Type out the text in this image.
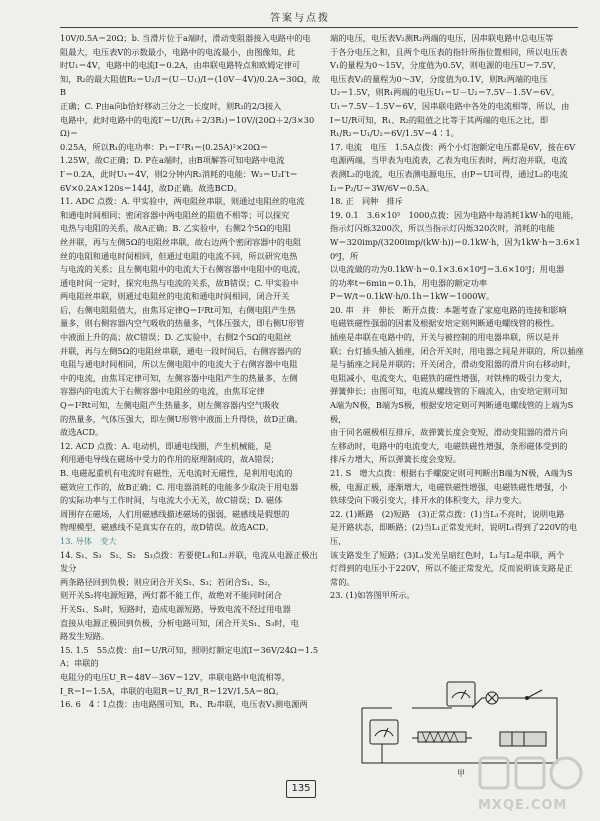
答案与点拨

10V/0.5A＝20Ω；b. 当滑片位于a端时，滑动变阻器接入电路中的电

阻最大，电压表V的示数最小，电路中的电流最小，由图像知，此

时U₁＝4V，电路中的电流I＝0.2A，由串联电路特点和欧姆定律可

知，R₂的最大阻值R₂＝U₂/I＝(U－U₁)/I＝(10V－4V)/0.2A＝30Ω，故B

正确；C. P由a向b恰好移动三分之一长度时，则R₂的2/3接入

电路中，此时电路中的电流I′＝U/(R₁＋2/3R₂)＝10V/(20Ω＋2/3×30Ω)＝

0.25A，所以R₁的电功率：P₁＝I′²R₁＝(0.25A)²×20Ω＝

1.25W，故C正确；D. P在a端时，由B项解答可知电路中电流

I′＝0.2A，此时U₁＝4V，则2分钟内R₂消耗的电能：W₂＝U₂I′t＝

6V×0.2A×120s＝144J，故D正确。故选BCD。

11. ADC 点拨：A. 甲实验中，两电阻丝串联，则通过电阻丝的电流

和通电时间相同；密闭容器中两电阻丝的阻值不相等；可以探究

电热与电阻的关系，故A正确；B. 乙实验中，右侧2个5Ω的电阻

丝并联，再与左侧5Ω的电阻丝串联，故右边两个密闭容器中的电阻

丝的电阻和通电时间相同，但通过电阻的电流不同，所以研究电热

与电流的关系；且左侧电阻中的电流大于右侧容器中电阻中的电流，

通电时间一定时，探究电热与电流的关系，故B错误；C. 甲实验中

两电阻丝串联，则通过电阻丝的电流和通电时间相同，闭合开关

后，右侧电阻阻值大，由焦耳定律Q＝I²Rt可知，右侧电阻产生热

量多，则右侧容器内空气吸收的热量多，气体压强大，即右侧U形管

中液面上升的高；故C错误；D. 乙实验中，右侧2个5Ω的电阻丝

并联，再与左侧5Ω的电阻丝串联，通电一段时间后，右侧容器内的

电阻与通电时间相同，所以左侧电阻中的电流大于右侧容器中电阻

中的电流，由焦耳定律可知，左侧容器中电阻产生的热量多，左侧

容器内的电流大于右侧容器中电阻丝的电流，由焦耳定律

Q＝I²Rt可知，左侧电阻产生热量多，则左侧容器内空气吸收

的热量多，气体压强大，即左侧U形管中液面上升得快，故D正确。

故选ACD。

12. ACD 点拨：A. 电动机，即通电线圈，产生机械能，是

利用通电导线在磁场中受力的作用的原理制成的，故A错误；

B. 电磁起重机有电流时有磁性，无电流时无磁性，是利用电流的

磁效应工作的，故B正确；C. 用电器消耗的电能多少取决于用电器

的实际功率与工作时间，与电流大小无关，故C错误；D. 磁体

周围存在磁场，人们用磁感线描述磁场的强弱，磁感线是假想的

物理模型，磁感线不是真实存在的，故D错误。故选ACD。

13. 导体　变大

14. S₁、S₃　S₁、S₂　S₃点拨：若要使L₁和L₂并联，电流从电源正极出发分

两条路径回到负极；则应闭合开关S₁、S₃；若闭合S₁、S₂，

则开关S₂将电源短路，两灯都不能工作，故绝对不能同时闭合

开关S₁、S₃时，短路时，造成电源短路，导致电流不经过用电器

直接从电源正极回到负极，分析电路可知，闭合开关S₁、S₃时，电

路发生短路。

15. 1.5　55点拨：由I＝U/R可知，照明灯额定电流I＝36V/24Ω＝1.5A；串联的

电阻分的电压U_R＝48V－36V＝12V，串联电路中电流相等，

I_R＝I＝1.5A，串联的电阻R＝U_R/I_R＝12V/1.5A＝8Ω。

16. 6　4∶1点拨：由电路图可知，R₁、R₂串联，电压表V₁测电源两

端的电压，电压表V₂测R₂两端的电压，因串联电路中总电压等

于各分电压之和，且两个电压表的指针所指位置相同，所以电压表

V₁的量程为0～15V，分度值为0.5V，则电源的电压U＝7.5V，

电压表V₂的量程为0～3V，分度值为0.1V，则R₂两端的电压

U₂＝1.5V，则R₁两端的电压U₁＝U－U₂＝7.5V－1.5V＝6V。

U₁＝7.5V－1.5V＝6V，因串联电路中各处的电流相等，所以，由

I＝U/R可知，R₁、R₂的阻值之比等于其两端的电压之比，即

R₁/R₂＝U₁/U₂＝6V/1.5V＝4∶1。

17. 电流　电压　1.5A点拨：两个小灯泡额定电压都是6V，接在6V

电源两端，当甲表为电流表，乙表为电压表时，两灯泡并联，电流

表测L₂的电流，电压表测电源电压，由P＝UI可得，通过L₂的电流

I₂＝P₂/U＝3W/6V＝0.5A。

18. 正　同种　排斥

19. 0.1　3.6×10⁵　1000点拨：因为电路中每消耗1kW·h的电能，

指示灯闪烁3200次，所以当指示灯闪烁320次时，消耗的电能

W＝320imp/(3200imp/(kW·h))＝0.1kW·h，因为1kW·h＝3.6×10⁶J，所

以电流做的功为0.1kW·h＝0.1×3.6×10⁶J＝3.6×10⁵J；用电器

的功率t＝6min＝0.1h，用电器的额定功率

P＝W/t＝0.1kW·h/0.1h＝1kW＝1000W。

20. 串　并　伸长　断开点拨：本题考查了家庭电路的连接和影响

电磁铁磁性强弱的因素及根据安培定则判断通电螺线管的极性。

插座是串联在电路中的，开关与被控制的用电器串联，所以是并

联；台灯插头插入插座，闭合开关时，用电器之间是并联的，所以插座

是与插座之间是并联的；开关闭合，滑动变阻器的滑片向右移动时，

电阻减小，电流变大，电磁铁的磁性增强，对铁棒的吸引力变大，

弹簧伸长；由图可知，电流从螺线管的下端流入，由安培定则可知

A端为N极，B端为S极，根据安培定则可判断通电螺线管的上端为S极，

由于同名磁极相互排斥，故弹簧长度会变短，滑动变阻器的滑片向

左移动时，电路中的电流变大，电磁铁磁性增强，条形磁体受到的

排斥力增大，所以弹簧长度会变短。

21. S　增大点拨：根据右手螺旋定则可判断出B端为N极，A端为S

极，电源正极，逐渐增大，电磁铁磁性增强，电磁铁磁性增强，小

铁球受向下吸引变大，排开水的体积变大，浮力变大。

22. (1)断路　(2)短路　(3)正常点拨：(1)当L₁不亮时，说明电路

是开路状态，即断路；(2)当L₁正常发光时，说明L₁得到了220V的电压，

该支路发生了短路；(3)L₁发光呈暗红色时，L₁与L₂是串联，两个

灯得到的电压小于220V，所以不能正常发光，反而说明该支路是正

常的。

23. (1)如答图甲所示。

甲
135
MXQE.COM
